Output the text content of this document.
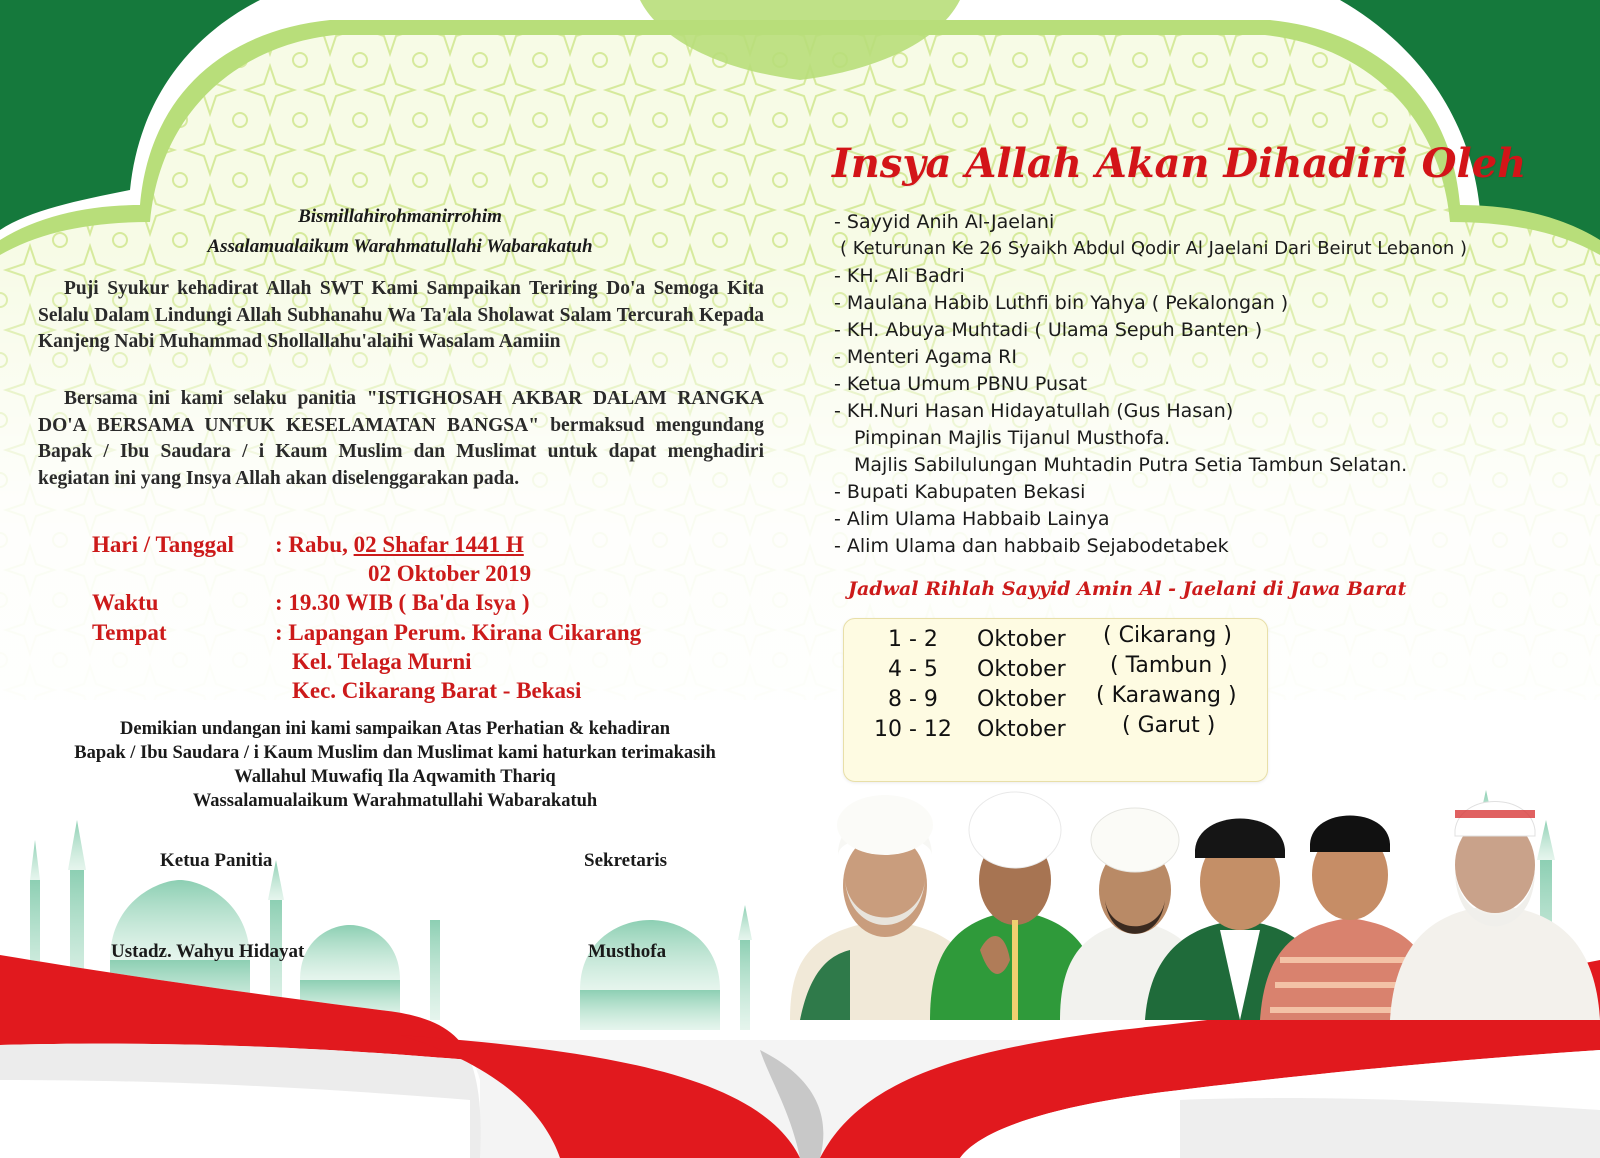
Bismillahirohmanirrohim
Assalamualaikum Warahmatullahi Wabarakatuh

Puji Syukur kehadirat Allah SWT Kami Sampaikan Teriring Do'a Semoga Kita Selalu Dalam Lindungi Allah Subhanahu Wa Ta'ala Sholawat Salam Tercurah Kepada Kanjeng Nabi Muhammad Shollallahu'alaihi Wasalam Aamiin

Bersama ini kami selaku panitia "ISTIGHOSAH AKBAR DALAM RANGKA DO'A BERSAMA UNTUK KESELAMATAN BANGSA" bermaksud mengundang Bapak / Ibu Saudara / i Kaum Muslim dan Muslimat untuk dapat menghadiri kegiatan ini yang Insya Allah akan diselenggarakan pada.

Hari / Tanggal : Rabu, 02 Shafar 1441 H
02 Oktober 2019
Waktu	: 19.30 WIB ( Ba'da Isya )
Tempat	: Lapangan Perum. Kirana Cikarang
Kel. Telaga Murni
Kec. Cikarang Barat - Bekasi

Demikian undangan ini kami sampaikan Atas Perhatian & kehadiran

Bapak / Ibu Saudara / i Kaum Muslim dan Muslimat kami haturkan terimakasih

Wallahul Muwafiq Ila Aqwamith Thariq

Wassalamualaikum Warahmatullahi Wabarakatuh

Ketua Panitia	Sekretaris
Ustadz. Wahyu Hidayat	Musthofa
Insya Allah Akan Dihadiri Oleh
- Sayyid Anih Al-Jaelani
( Keturunan Ke 26 Syaikh Abdul Qodir Al Jaelani Dari Beirut Lebanon )
- KH. Ali Badri
- Maulana Habib Luthfi bin Yahya ( Pekalongan )
- KH. Abuya Muhtadi ( Ulama Sepuh Banten )
- Menteri Agama RI
- Ketua Umum PBNU Pusat
- KH.Nuri Hasan Hidayatullah (Gus Hasan)
Pimpinan Majlis Tijanul Musthofa.
Majlis Sabilulungan Muhtadin Putra Setia Tambun Selatan.
- Bupati Kabupaten Bekasi
- Alim Ulama Habbaib Lainya
- Alim Ulama dan habbaib Sejabodetabek
Jadwal Rihlah Sayyid Amin Al - Jaelani di Jawa Barat
1 - 2 Oktober ( Cikarang )
4 - 5 Oktober ( Tambun )
8 - 9 Oktober ( Karawang )
10 - 12 Oktober	( Garut )
